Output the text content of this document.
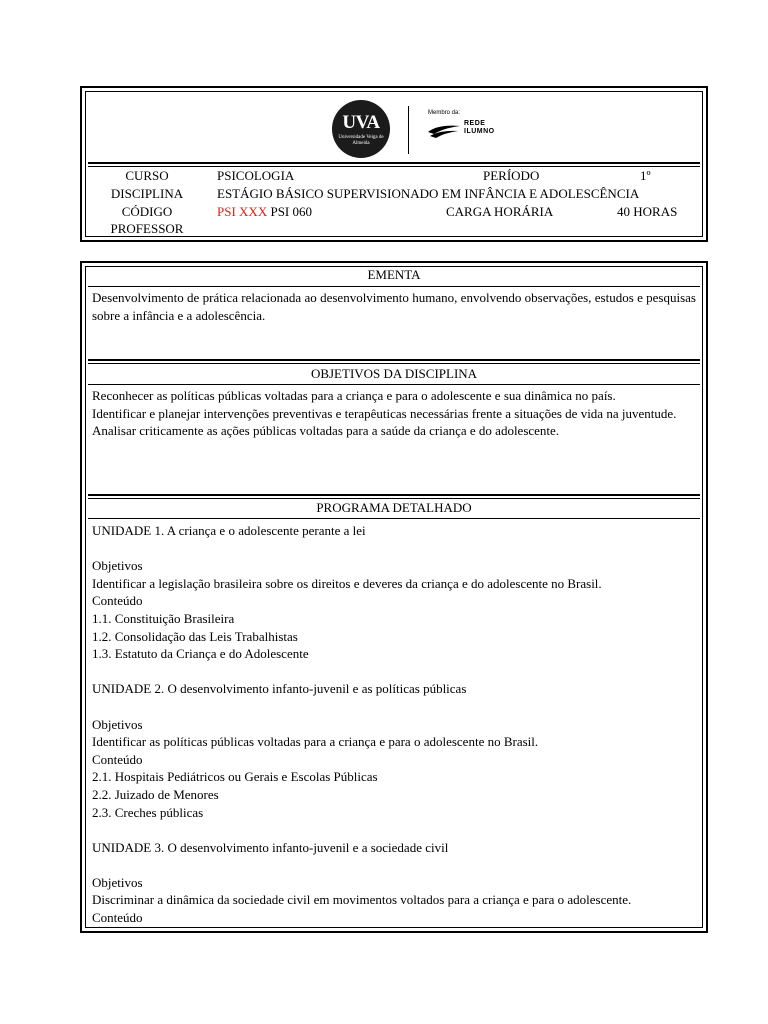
UVA
Universidade Veiga de Almeida
Membro da:
REDE
ILUMNO
CURSO	PSICOLOGIA	PERÍODO	1º
DISCIPLINA	ESTÁGIO BÁSICO SUPERVISIONADO EM INFÂNCIA E ADOLESCÊNCIA
CÓDIGO	PSI XXX PSI 060	CARGA HORÁRIA	40 HORAS
PROFESSOR
EMENTA
Desenvolvimento de prática relacionada ao desenvolvimento humano, envolvendo observações, estudos e pesquisas sobre a infância e a adolescência.
OBJETIVOS DA DISCIPLINA

Reconhecer as políticas públicas voltadas para a criança e para o adolescente e sua dinâmica no país.

Identificar e planejar intervenções preventivas e terapêuticas necessárias frente a situações de vida na juventude.

Analisar criticamente as ações públicas voltadas para a saúde da criança e do adolescente.

PROGRAMA DETALHADO
UNIDADE 1. A criança e o adolescente perante a lei
Objetivos
Identificar a legislação brasileira sobre os direitos e deveres da criança e do adolescente no Brasil.
Conteúdo
1.1. Constituição Brasileira
1.2. Consolidação das Leis Trabalhistas
1.3. Estatuto da Criança e do Adolescente
UNIDADE 2. O desenvolvimento infanto-juvenil e as políticas públicas
Objetivos
Identificar as políticas públicas voltadas para a criança e para o adolescente no Brasil.
Conteúdo
2.1. Hospitais Pediátricos ou Gerais e Escolas Públicas
2.2. Juizado de Menores
2.3. Creches públicas
UNIDADE 3. O desenvolvimento infanto-juvenil e a sociedade civil
Objetivos
Discriminar a dinâmica da sociedade civil em movimentos voltados para a criança e para o adolescente.
Conteúdo
